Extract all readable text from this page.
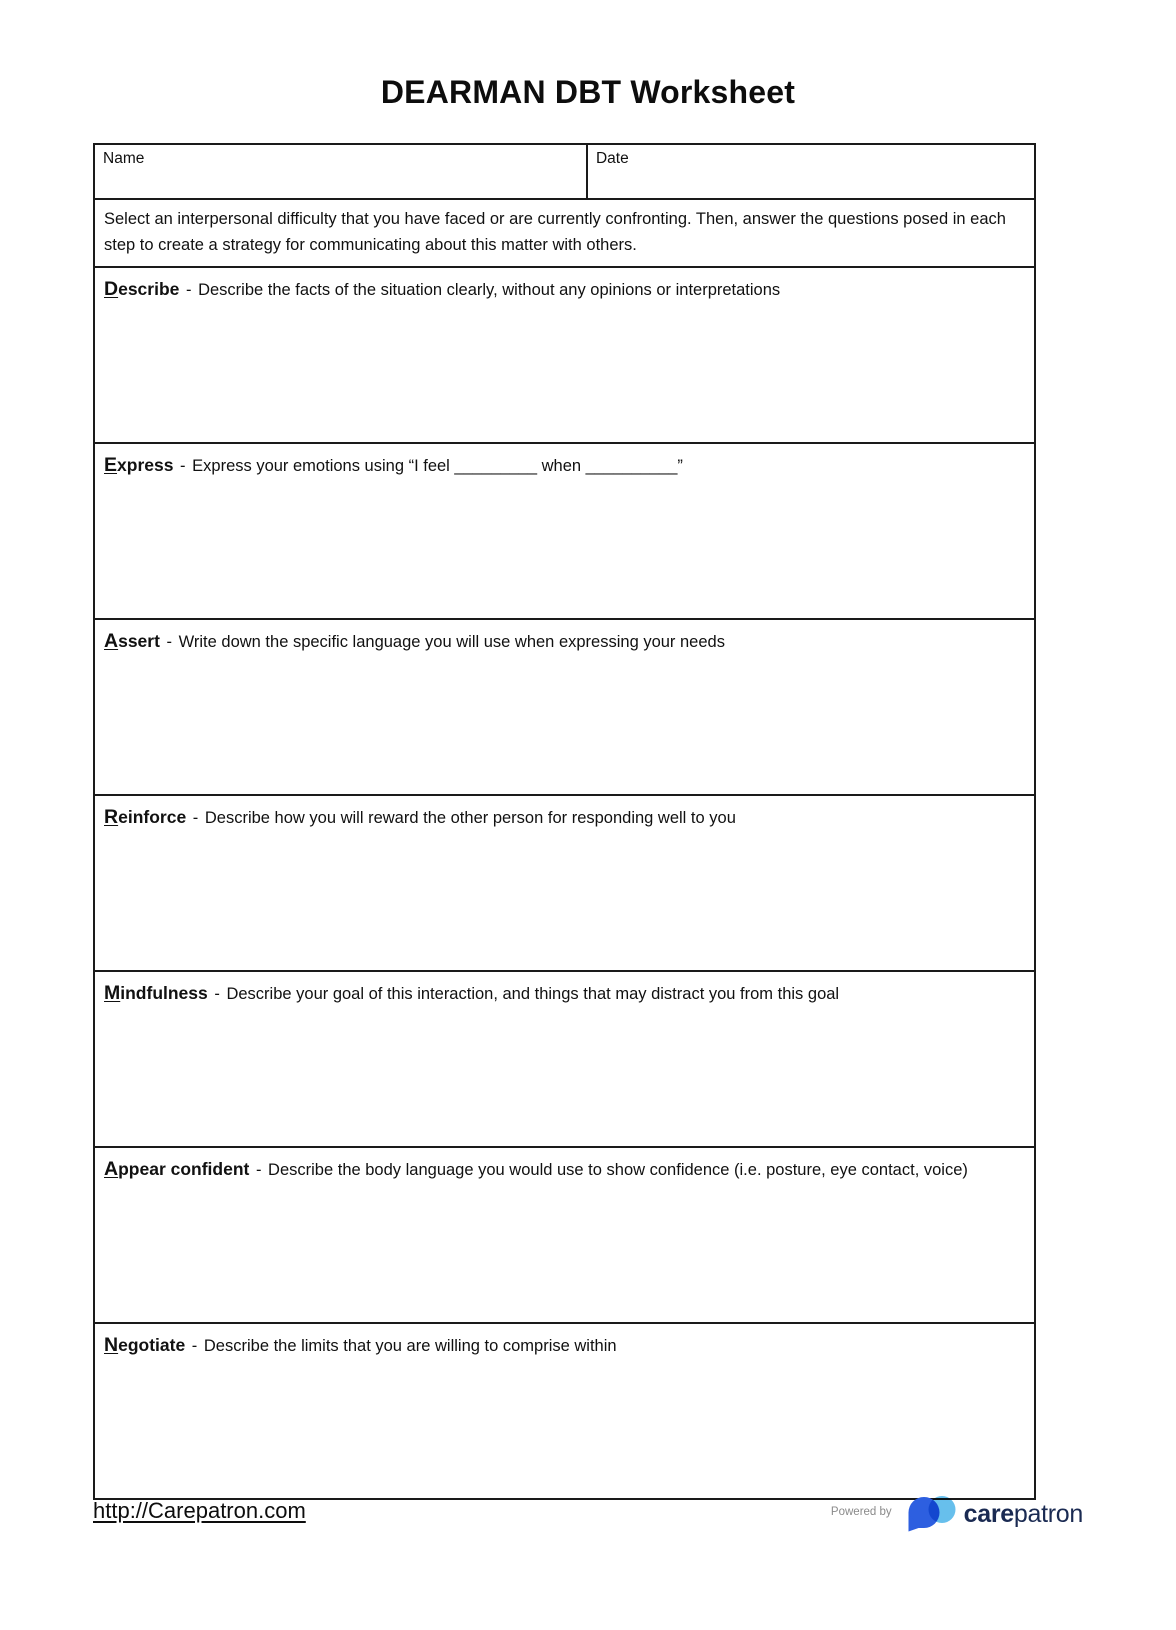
DEARMAN DBT Worksheet
Name	Date
Select an interpersonal difficulty that you have faced or are currently confronting. Then, answer the questions posed in each step to create a strategy for communicating about this matter with others.
Describe - Describe the facts of the situation clearly, without any opinions or interpretations
Express - Express your emotions using “I feel _________ when __________”
Assert - Write down the specific language you will use when expressing your needs
Reinforce - Describe how you will reward the other person for responding well to you
Mindfulness - Describe your goal of this interaction, and things that may distract you from this goal
Appear confident - Describe the body language you would use to show confidence (i.e. posture, eye contact, voice)
Negotiate - Describe the limits that you are willing to comprise within
http://Carepatron.com	Powered by	carepatron
